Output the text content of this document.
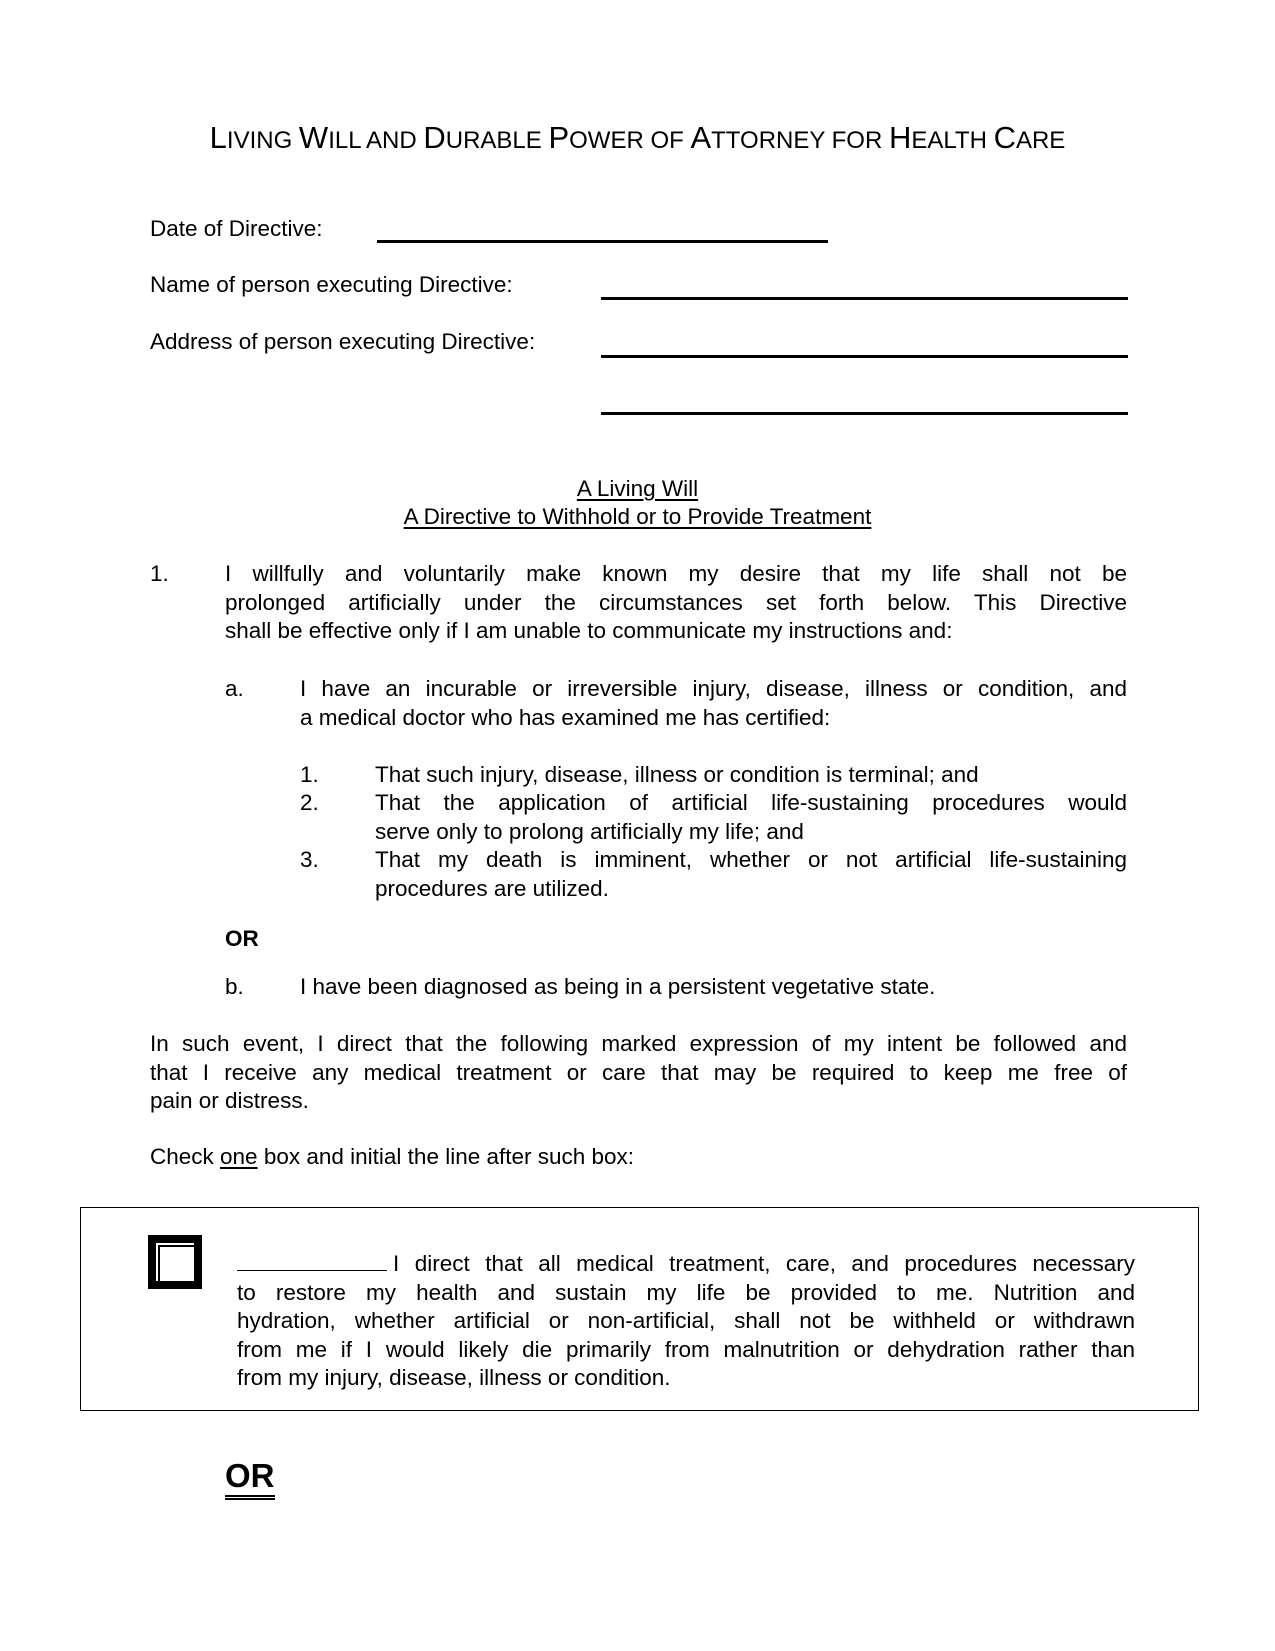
LIVING WILL AND DURABLE POWER OF ATTORNEY FOR HEALTH CARE
Date of Directive:
Name of person executing Directive:
Address of person executing Directive:
A Living Will
A Directive to Withhold or to Provide Treatment
1. I willfully and voluntarily make known my desire that my life shall not be
prolonged artificially under the circumstances set forth below. This Directive
shall be effective only if I am unable to communicate my instructions and:
a. I have an incurable or irreversible injury, disease, illness or condition, and
a medical doctor who has examined me has certified:
1. That such injury, disease, illness or condition is terminal; and
2. That the application of artificial life-sustaining procedures would
serve only to prolong artificially my life; and
3. That my death is imminent, whether or not artificial life-sustaining
procedures are utilized.
OR
b. I have been diagnosed as being in a persistent vegetative state.
In such event, I direct that the following marked expression of my intent be followed and
that I receive any medical treatment or care that may be required to keep me free of
pain or distress.
Check one box and initial the line after such box:
I direct that all medical treatment, care, and procedures necessary
to restore my health and sustain my life be provided to me. Nutrition and
hydration, whether artificial or non-artificial, shall not be withheld or withdrawn
from me if I would likely die primarily from malnutrition or dehydration rather than
from my injury, disease, illness or condition.
OR
